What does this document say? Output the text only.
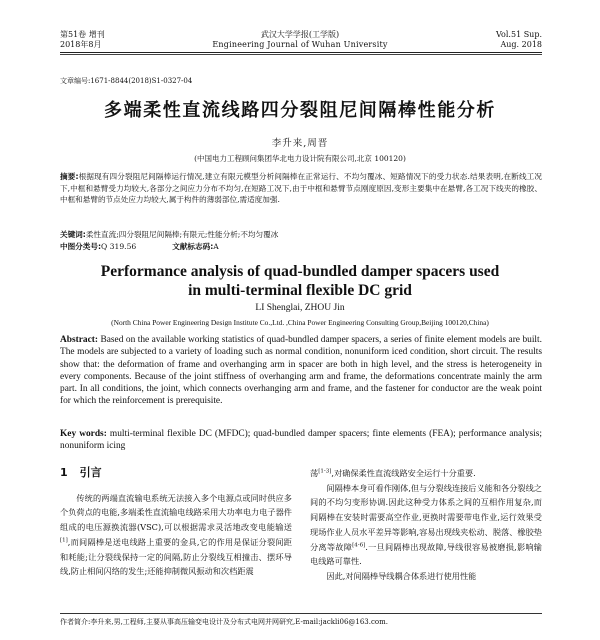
第51卷 增刊
2018年8月
武汉大学学报(工学版)
Engineering Journal of Wuhan University
Vol.51 Sup.
Aug. 2018
文章编号:1671-8844(2018)S1-0327-04
多端柔性直流线路四分裂阻尼间隔棒性能分析
李升来,周晋
(中国电力工程顾问集团华北电力设计院有限公司,北京 100120)
摘要:根据现有四分裂阻尼间隔棒运行情况,建立有限元模型分析间隔棒在正常运行、不均匀覆冰、短路情况下的受力状态.结果表明,在断线工况下,中框和悬臂受力均较大,各部分之间应力分布不均匀,在短路工况下,由于中框和悬臂节点刚度原因,变形主要集中在悬臂,各工况下线夹的橡胶、中框和悬臂的节点处应力均较大,属于构件的薄弱部位,需适度加强.
关键词:柔性直流;四分裂阻尼间隔棒;有限元;性能分析;不均匀覆冰
中图分类号:Q 319.56	文献标志码:A
Performance analysis of quad-bundled damper spacers used
in multi-terminal flexible DC grid
LI Shenglai, ZHOU Jin
(North China Power Engineering Design Institute Co.,Ltd. ,China Power Engineering Consulting Group,Beijing 100120,China)
Abstract: Based on the available working statistics of quad-bundled damper spacers, a series of finite element models are built. The models are subjected to a variety of loading such as normal condition, nonuniform iced condition, short circuit. The results show that: the deformation of frame and overhanging arm in spacer are both in high level, and the stress is heterogeneity in every components. Because of the joint stiffness of overhanging arm and frame, the deformations concentrate mainly the arm part. In all conditions, the joint, which connects overhanging arm and frame, and the fastener for conductor are the weak point for which the reinforcement is prerequisite.
Key words: multi-terminal flexible DC (MFDC); quad-bundled damper spacers; finte elements (FEA); performance analysis; nonuniform icing
1 引言

传统的两端直流输电系统无法接入多个电源点或同时供应多个负荷点的电能,多端柔性直流输电线路采用大功率电力电子器件组成的电压源换流器(VSC),可以根据需求灵活地改变电能输送[1],而间隔棒是送电线路上重要的金具,它的作用是保证分裂间距和耗能;让分裂线保持一定的间隔,防止分裂线互相撞击、摆环导线,防止相间闪络的发生;还能抑制微风振动和次档距震

荡[1-3],对确保柔性直流线路安全运行十分重要.

间隔棒本身可看作刚体,但与分裂线连接后义能和各分裂线之间的不均匀变形协调.因此这种受力体系之间的互相作用复杂,而间隔棒在安装时需要高空作业,更换时需要带电作业,运行效果受现场作业人员水平差异等影响,容易出现线夹松动、脱落、橡胶垫分离等故障[4-6].一旦间隔棒出现故障,导线很容易被磨损,影响输电线路可靠性.

因此,对间隔棒导线耦合体系进行使用性能

作者简介:李升来,男,工程师,主要从事高压输变电设计及分布式电网并网研究,E-mail:jackli06@163.com.
